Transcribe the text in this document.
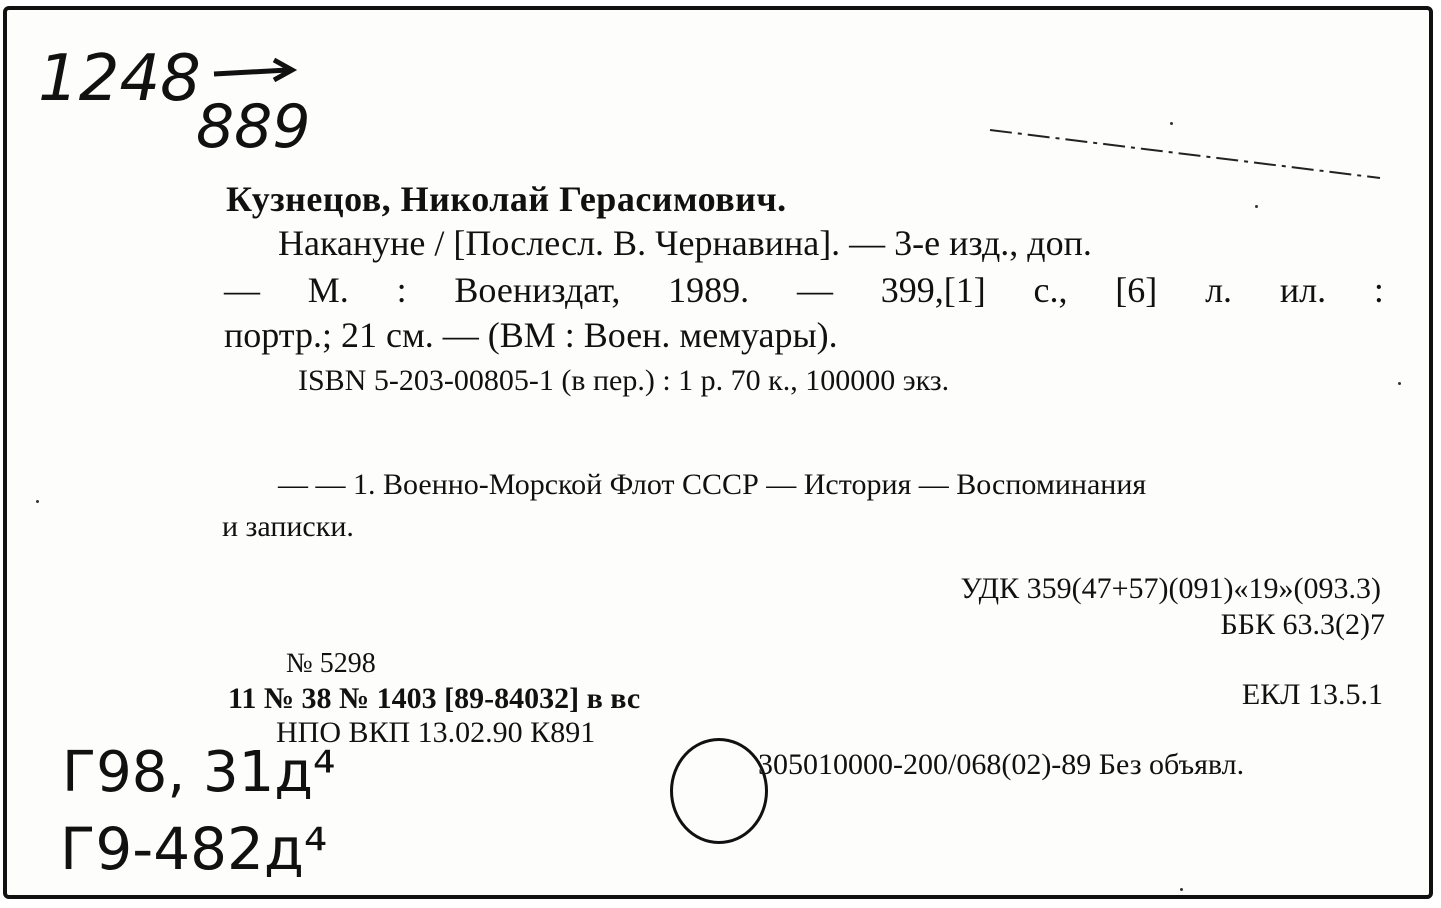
1248
889
Кузнецов, Николай Герасимович.
Накануне / [Послесл. В. Чернавина]. — 3-е изд., доп.
— М. : Воениздат, 1989. — 399,[1] с., [6] л. ил. :
портр.; 21 см. — (ВМ : Воен. мемуары).
ISBN 5-203-00805-1 (в пер.) : 1 р. 70 к., 100000 экз.
— — 1. Военно-Морской Флот СССР — История — Воспоминания
и записки.
УДК 359(47+57)(091)«19»(093.3)
ББК 63.3(2)7
№ 5298
11 № 38 № 1403 [89-84032] в вс	ЕКЛ 13.5.1
НПО ВКП 13.02.90 К891
305010000-200/068(02)-89 Без объявл.
Г98, 31д⁴
Г9-482д⁴
